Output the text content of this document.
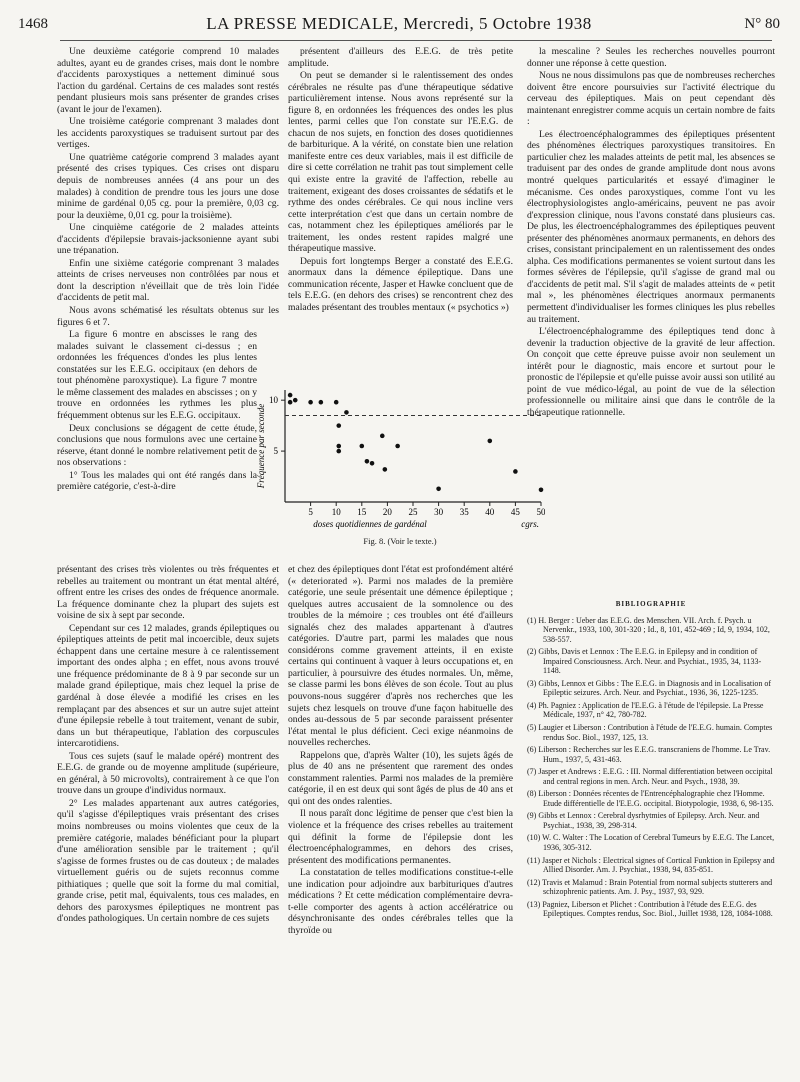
1468	LA PRESSE MEDICALE, Mercredi, 5 Octobre 1938	N° 80

Une deuxième catégorie comprend 10 malades adultes, ayant eu de grandes crises, mais dont le nombre d'accidents paroxystiques a nettement diminué sous l'action du gardénal. Certains de ces malades sont restés pendant plusieurs mois sans présenter de grandes crises (avant le jour de l'examen).

Une troisième catégorie comprenant 3 malades dont les accidents paroxystiques se traduisent surtout par des vertiges.

Une quatrième catégorie comprend 3 malades ayant présenté des crises typiques. Ces crises ont disparu depuis de nombreuses années (4 ans pour un des malades) à condition de prendre tous les jours une dose minime de gardénal 0,05 cg. pour la première, 0,03 cg. pour la deuxième, 0,01 cg. pour la troisième).

Une cinquième catégorie de 2 malades atteints d'accidents d'épilepsie bravais-jacksonienne ayant subi une trépanation.

Enfin une sixième catégorie comprenant 3 malades atteints de crises nerveuses non contrôlées par nous et dont la description n'éveillait que de très loin l'idée d'accidents de petit mal.

Nous avons schématisé les résultats obtenus sur les figures 6 et 7.

La figure 6 montre en abscisses le rang des malades suivant le classement ci-dessus ; en ordonnées les fréquences d'ondes les plus lentes constatées sur les E.E.G. occipitaux (en dehors de tout phénomène paroxystique). La figure 7 montre le même classement des malades en abscisses ; on y trouve en ordonnées les rythmes les plus fréquemment obtenus sur les E.E.G. occipitaux.

Deux conclusions se dégagent de cette étude, conclusions que nous formulons avec une certaine réserve, étant donné le nombre relativement petit de nos observations :

1° Tous les malades qui ont été rangés dans la première catégorie, c'est-à-dire

présentent d'ailleurs des E.E.G. de très petite amplitude.

On peut se demander si le ralentissement des ondes cérébrales ne résulte pas d'une thérapeutique sédative particulièrement intense. Nous avons représenté sur la figure 8, en ordonnées les fréquences des ondes les plus lentes, parmi celles que l'on constate sur l'E.E.G. de chacun de nos sujets, en fonction des doses quotidiennes de barbiturique. A la vérité, on constate bien une relation manifeste entre ces deux variables, mais il est difficile de dire si cette corrélation ne trahit pas tout simplement celle qui existe entre la gravité de l'affection, rebelle au traitement, exigeant des doses croissantes de sédatifs et le rythme des ondes cérébrales. Ce qui nous incline vers cette interprétation c'est que dans un certain nombre de cas, notamment chez les épileptiques améliorés par le traitement, les ondes restent rapides malgré une thérapeutique massive.

Depuis fort longtemps Berger a constaté des E.E.G. anormaux dans la démence épileptique. Dans une communication récente, Jasper et Hawke concluent que de tels E.E.G. (en dehors des crises) se rencontrent chez des malades présentant des troubles mentaux (« psychotics »)

5 10 15 20 25 30 35 40 45 50
5
10
doses quotidiennes de gardénal	cgrs.
Fréquence par seconde
Fig. 8. (Voir le texte.)

la mescaline ? Seules les recherches nouvelles pourront donner une réponse à cette question.

Nous ne nous dissimulons pas que de nombreuses recherches doivent être encore poursuivies sur l'activité électrique du cerveau des épileptiques. Mais on peut cependant dès maintenant enregistrer comme acquis un certain nombre de faits :

Les électroencéphalogrammes des épileptiques présentent des phénomènes électriques paroxystiques transitoires. En particulier chez les malades atteints de petit mal, les absences se traduisent par des ondes de grande amplitude dont nous avons montré quelques particularités et essayé d'imaginer le mécanisme. Ces ondes paroxystiques, comme l'ont vu les électrophysiologistes anglo-américains, peuvent ne pas avoir d'expression clinique, nous l'avons constaté dans plusieurs cas. De plus, les électroencéphalogrammes des épileptiques peuvent présenter des phénomènes anormaux permanents, en dehors des crises, consistant principalement en un ralentissement des ondes alpha. Ces modifications permanentes se voient surtout dans les formes sévères de l'épilepsie, qu'il s'agisse de grand mal ou d'accidents de petit mal. S'il s'agit de malades atteints de « petit mal », les phénomènes électriques anormaux permanents permettent d'individualiser les formes cliniques les plus rebelles au traitement.

L'électroencéphalogramme des épileptiques tend donc à devenir la traduction objective de la gravité de leur affection. On conçoit que cette épreuve puisse avoir non seulement un intérêt pour le diagnostic, mais encore et surtout pour le pronostic de l'épilepsie et qu'elle puisse avoir aussi son utilité au point de vue médico-légal, au point de vue de la sélection professionnelle ou militaire ainsi que dans le contrôle de la thérapeutique rationnelle.

présentant des crises très violentes ou très fréquentes et rebelles au traitement ou montrant un état mental altéré, offrent entre les crises des ondes de fréquence anormale. La fréquence dominante chez la plupart des sujets est voisine de six à sept par seconde.

Cependant sur ces 12 malades, grands épileptiques ou épileptiques atteints de petit mal incoercible, deux sujets échappent dans une certaine mesure à ce ralentissement important des ondes alpha ; en effet, nous avons trouvé une fréquence prédominante de 8 à 9 par seconde sur un malade grand épileptique, mais chez lequel la prise de gardénal à dose élevée a modifié les crises en les remplaçant par des absences et sur un autre sujet atteint d'une épilepsie rebelle à tout traitement, venant de subir, dans un but thérapeutique, l'ablation des corpuscules intercarotidiens.

Tous ces sujets (sauf le malade opéré) montrent des E.E.G. de grande ou de moyenne amplitude (supérieure, en général, à 50 microvolts), contrairement à ce que l'on trouve dans un groupe d'individus normaux.

2° Les malades appartenant aux autres catégories, qu'il s'agisse d'épileptiques vrais présentant des crises moins nombreuses ou moins violentes que ceux de la première catégorie, malades bénéficiant pour la plupart d'une amélioration sensible par le traitement ; qu'il s'agisse de formes frustes ou de cas douteux ; de malades virtuellement guéris ou de sujets reconnus comme pithiatiques ; quelle que soit la forme du mal comitial, grande crise, petit mal, équivalents, tous ces malades, en dehors des paroxysmes épileptiques ne montrent pas d'ondes pathologiques. Un certain nombre de ces sujets

et chez des épileptiques dont l'état est profondément altéré (« deteriorated »). Parmi nos malades de la première catégorie, une seule présentait une démence épileptique ; quelques autres accusaient de la somnolence ou des troubles de la mémoire ; ces troubles ont été d'ailleurs signalés chez des malades appartenant à d'autres catégories. D'autre part, parmi les malades que nous considérons comme gravement atteints, il en existe certains qui continuent à vaquer à leurs occupations et, en particulier, à poursuivre des études normales. Un, même, se classe parmi les bons élèves de son école. Tout au plus pouvons-nous suggérer d'après nos recherches que les sujets chez lesquels on trouve d'une façon habituelle des ondes au-dessous de 5 par seconde paraissent présenter l'état mental le plus déficient. Ceci exige néanmoins de nouvelles recherches.

Rappelons que, d'après Walter (10), les sujets âgés de plus de 40 ans ne présentent que rarement des ondes constamment ralenties. Parmi nos malades de la première catégorie, il en est deux qui sont âgés de plus de 40 ans et qui ont des ondes ralenties.

Il nous paraît donc légitime de penser que c'est bien la violence et la fréquence des crises rebelles au traitement qui définit la forme de l'épilepsie dont les électroencéphalogrammes, en dehors des crises, présentent des modifications permanentes.

La constatation de telles modifications constitue-t-elle une indication pour adjoindre aux barbituriques d'autres médications ? Et cette médication complémentaire devra-t-elle comporter des agents à action accélératrice ou désynchronisante des ondes cérébrales telles que la thyroïde ou

BIBLIOGRAPHIE
(1) H. Berger : Ueber das E.E.G. des Menschen. VII. Arch. f. Psych. u Nervenkr., 1933, 100, 301-320 ; Id., 8, 101, 452-469 ; Id, 9, 1934, 102, 538-557.
(2) Gibbs, Davis et Lennox : The E.E.G. in Epilepsy and in condition of Impaired Consciousness. Arch. Neur. and Psychiat., 1935, 34, 1133-1148.
(3) Gibbs, Lennox et Gibbs : The E.E.G. in Diagnosis and in Localisation of Epileptic seizures. Arch. Neur. and Psychiat., 1936, 36, 1225-1235.
(4) Ph. Pagniez : Application de l'E.E.G. à l'étude de l'épilepsie. La Presse Médicale, 1937, n° 42, 780-782.
(5) Laugier et Liberson : Contribution à l'étude de l'E.E.G. humain. Comptes rendus Soc. Biol., 1937, 125, 13.
(6) Liberson : Recherches sur les E.E.G. transcraniens de l'homme. Le Trav. Hum., 1937, 5, 431-463.
(7) Jasper et Andrews : E.E.G. : III. Normal differentiation between occipital and central regions in men. Arch. Neur. and Psych., 1938, 39.
(8) Liberson : Données récentes de l'Entrencéphalographie chez l'Homme. Etude différentielle de l'E.E.G. occipital. Biotypologie, 1938, 6, 98-135.
(9) Gibbs et Lennox : Cerebral dysrhytmies of Epilepsy. Arch. Neur. and Psychiat., 1938, 39, 298-314.
(10) W. C. Walter : The Location of Cerebral Tumeurs by E.E.G. The Lancet, 1936, 305-312.
(11) Jasper et Nichols : Electrical signes of Cortical Funktion in Epilepsy and Allied Disorder. Am. J. Psychiat., 1938, 94, 835-851.
(12) Travis et Malamud : Brain Potential from normal subjects stutterers and schizophrenic patients. Am. J. Psy., 1937, 93, 929.
(13) Pagniez, Liberson et Plichet : Contribution à l'étude des E.E.G. des Epileptiques. Comptes rendus, Soc. Biol., Juillet 1938, 128, 1084-1088.
